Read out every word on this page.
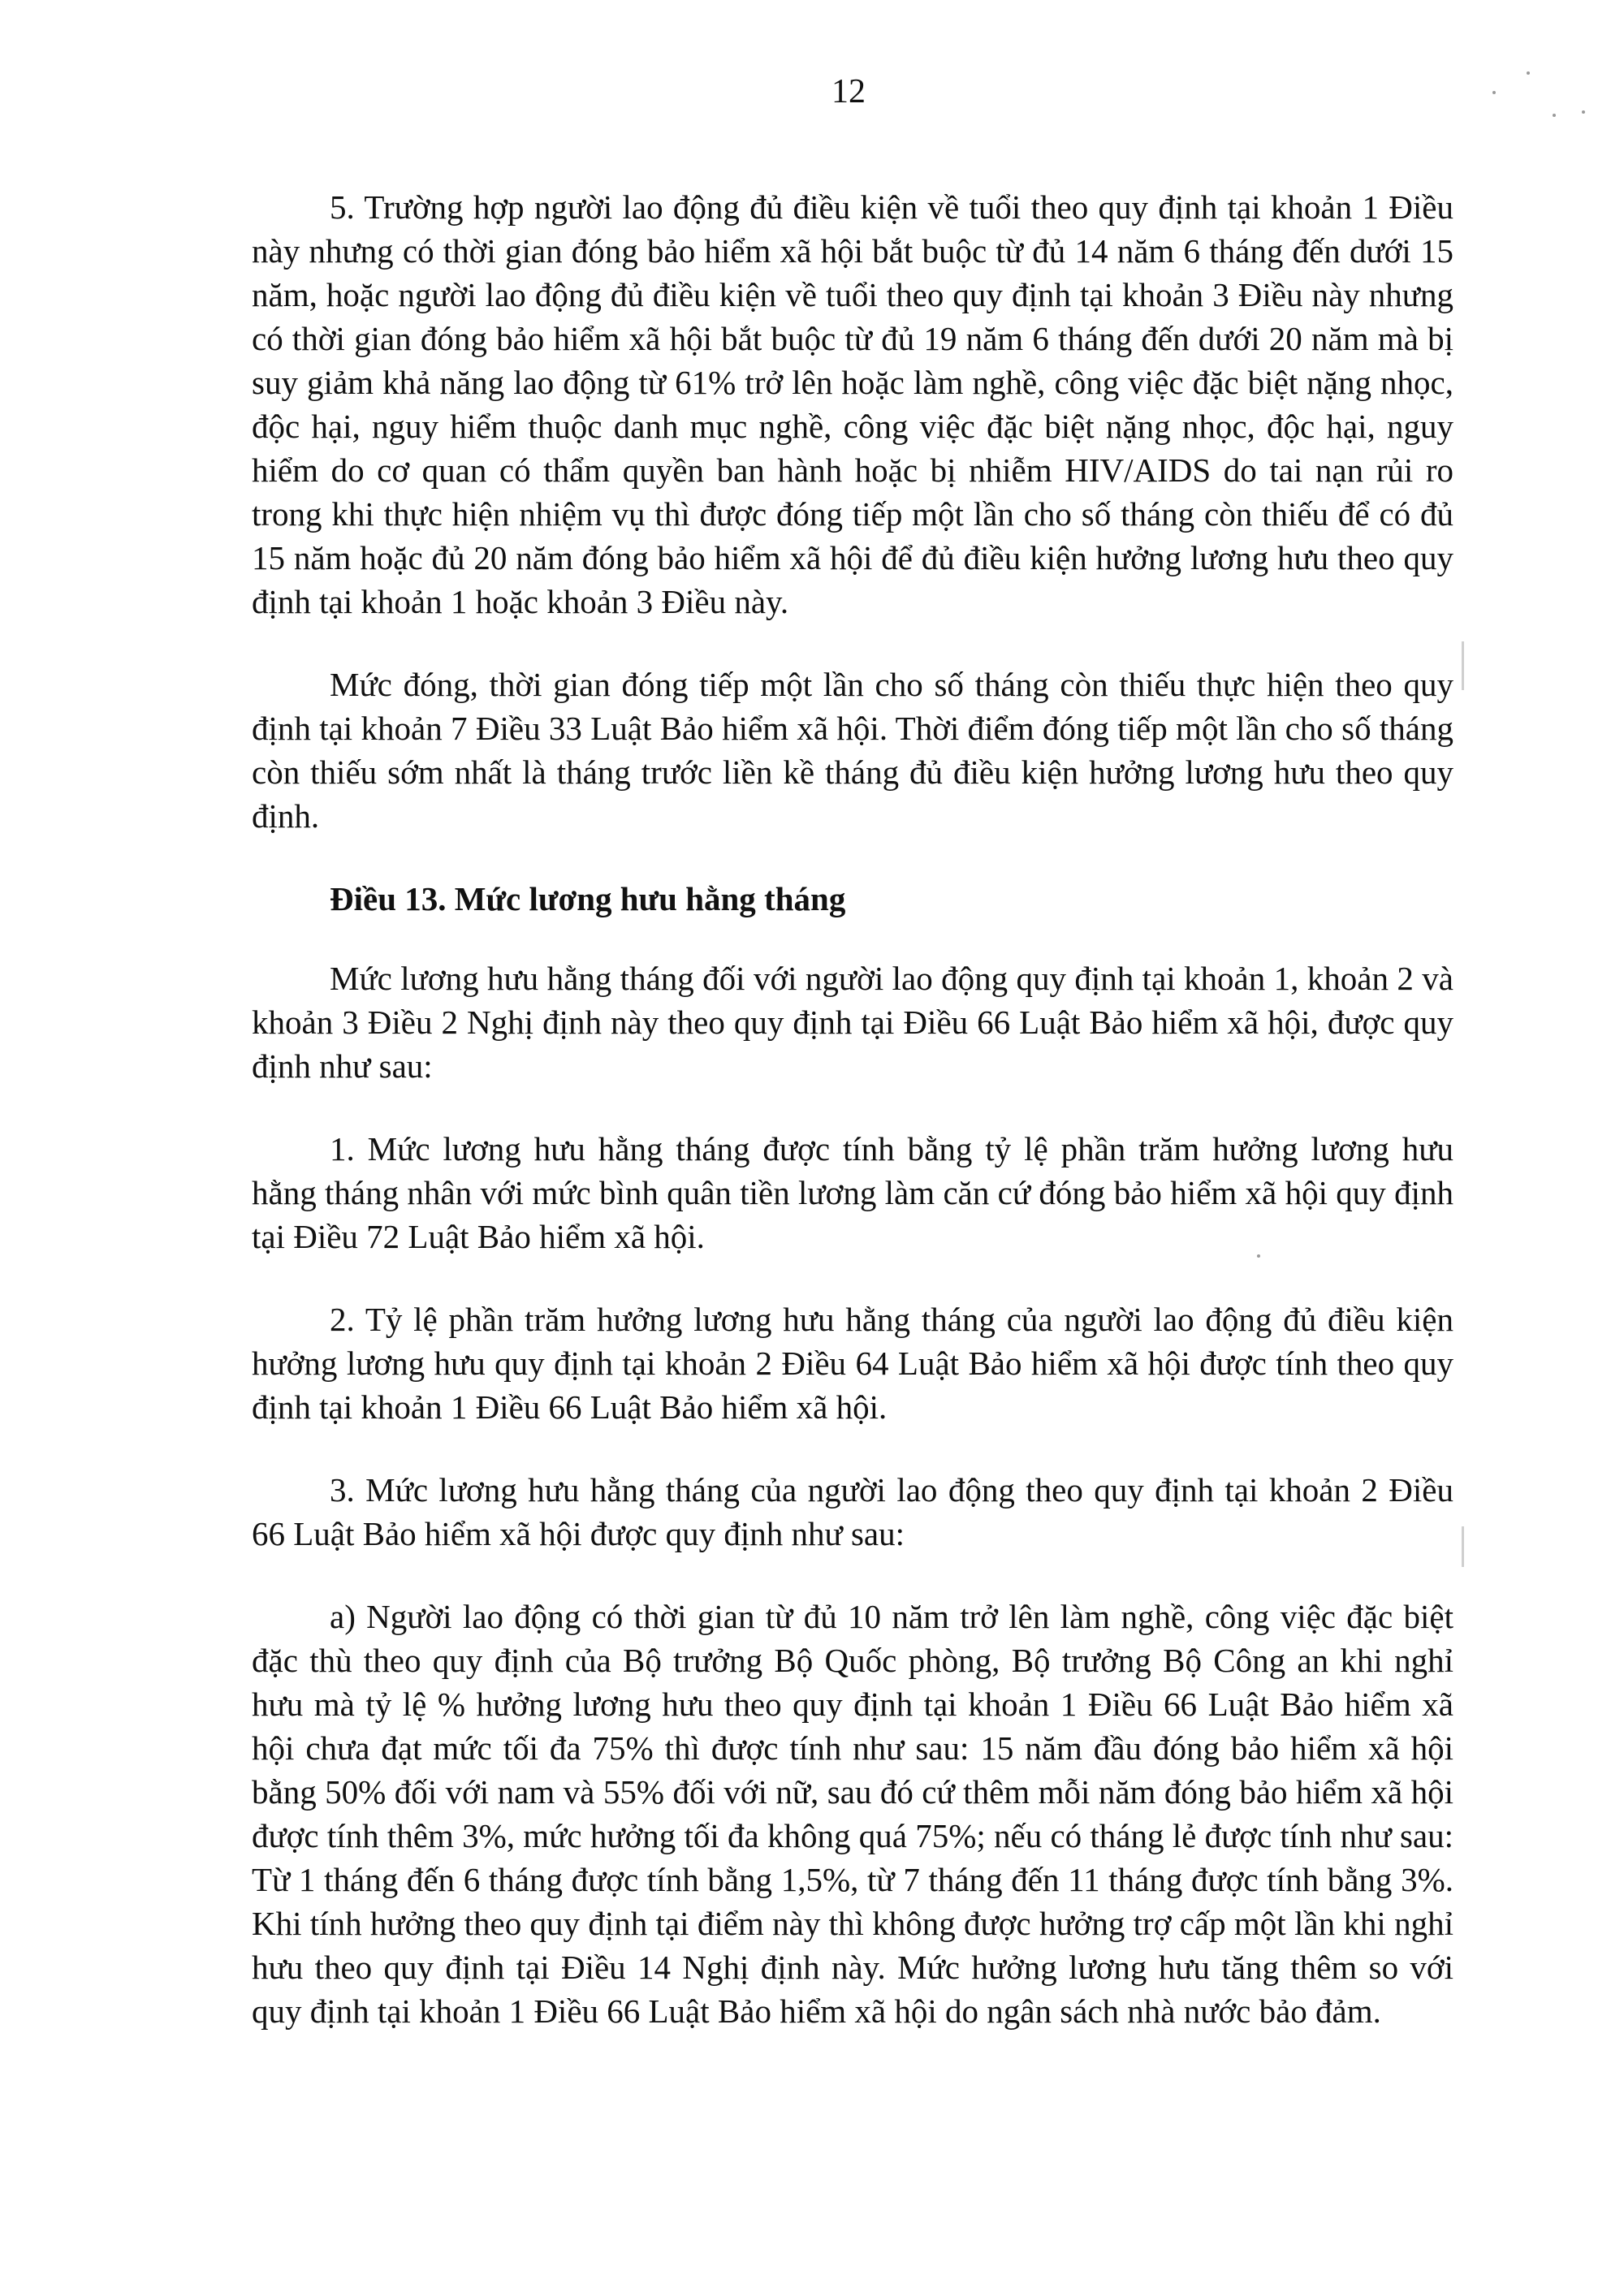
12

5. Trường hợp người lao động đủ điều kiện về tuổi theo quy định tại khoản 1 Điều này nhưng có thời gian đóng bảo hiểm xã hội bắt buộc từ đủ 14 năm 6 tháng đến dưới 15 năm, hoặc người lao động đủ điều kiện về tuổi theo quy định tại khoản 3 Điều này nhưng có thời gian đóng bảo hiểm xã hội bắt buộc từ đủ 19 năm 6 tháng đến dưới 20 năm mà bị suy giảm khả năng lao động từ 61% trở lên hoặc làm nghề, công việc đặc biệt nặng nhọc, độc hại, nguy hiểm thuộc danh mục nghề, công việc đặc biệt nặng nhọc, độc hại, nguy hiểm do cơ quan có thẩm quyền ban hành hoặc bị nhiễm HIV/AIDS do tai nạn rủi ro trong khi thực hiện nhiệm vụ thì được đóng tiếp một lần cho số tháng còn thiếu để có đủ 15 năm hoặc đủ 20 năm đóng bảo hiểm xã hội để đủ điều kiện hưởng lương hưu theo quy định tại khoản 1 hoặc khoản 3 Điều này.

Mức đóng, thời gian đóng tiếp một lần cho số tháng còn thiếu thực hiện theo quy định tại khoản 7 Điều 33 Luật Bảo hiểm xã hội. Thời điểm đóng tiếp một lần cho số tháng còn thiếu sớm nhất là tháng trước liền kề tháng đủ điều kiện hưởng lương hưu theo quy định.

Điều 13. Mức lương hưu hằng tháng

Mức lương hưu hằng tháng đối với người lao động quy định tại khoản 1, khoản 2 và khoản 3 Điều 2 Nghị định này theo quy định tại Điều 66 Luật Bảo hiểm xã hội, được quy định như sau:

1. Mức lương hưu hằng tháng được tính bằng tỷ lệ phần trăm hưởng lương hưu hằng tháng nhân với mức bình quân tiền lương làm căn cứ đóng bảo hiểm xã hội quy định tại Điều 72 Luật Bảo hiểm xã hội.

2. Tỷ lệ phần trăm hưởng lương hưu hằng tháng của người lao động đủ điều kiện hưởng lương hưu quy định tại khoản 2 Điều 64 Luật Bảo hiểm xã hội được tính theo quy định tại khoản 1 Điều 66 Luật Bảo hiểm xã hội.

3. Mức lương hưu hằng tháng của người lao động theo quy định tại khoản 2 Điều 66 Luật Bảo hiểm xã hội được quy định như sau:

a) Người lao động có thời gian từ đủ 10 năm trở lên làm nghề, công việc đặc biệt đặc thù theo quy định của Bộ trưởng Bộ Quốc phòng, Bộ trưởng Bộ Công an khi nghỉ hưu mà tỷ lệ % hưởng lương hưu theo quy định tại khoản 1 Điều 66 Luật Bảo hiểm xã hội chưa đạt mức tối đa 75% thì được tính như sau: 15 năm đầu đóng bảo hiểm xã hội bằng 50% đối với nam và 55% đối với nữ, sau đó cứ thêm mỗi năm đóng bảo hiểm xã hội được tính thêm 3%, mức hưởng tối đa không quá 75%; nếu có tháng lẻ được tính như sau: Từ 1 tháng đến 6 tháng được tính bằng 1,5%, từ 7 tháng đến 11 tháng được tính bằng 3%. Khi tính hưởng theo quy định tại điểm này thì không được hưởng trợ cấp một lần khi nghỉ hưu theo quy định tại Điều 14 Nghị định này. Mức hưởng lương hưu tăng thêm so với quy định tại khoản 1 Điều 66 Luật Bảo hiểm xã hội do ngân sách nhà nước bảo đảm.
